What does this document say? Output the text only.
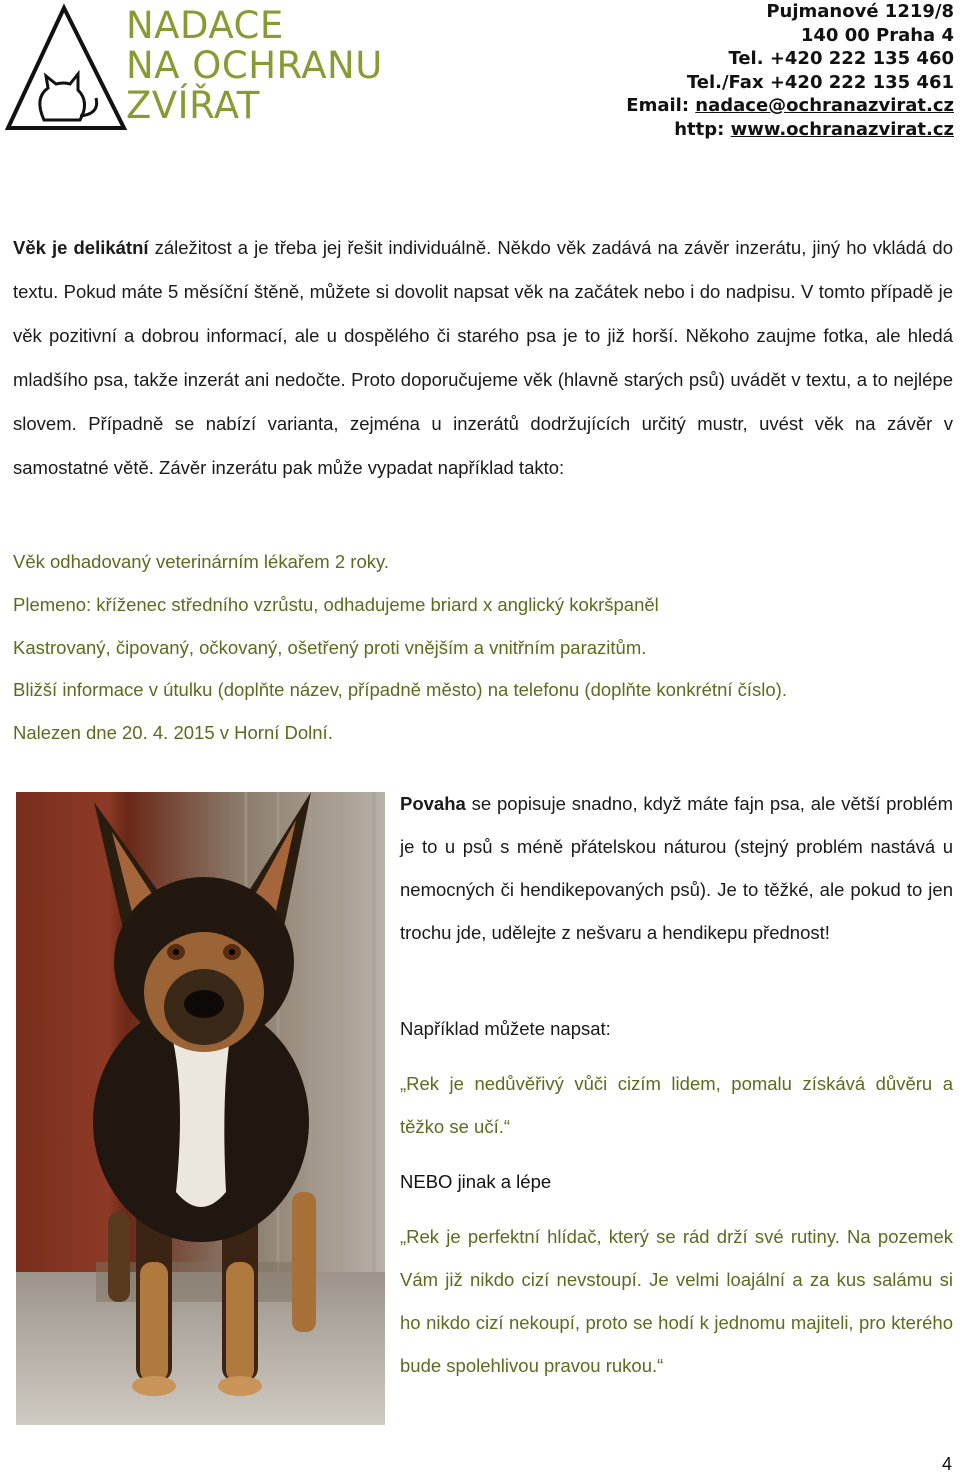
NADACE
NA OCHRANU
ZVÍŘAT
Pujmanové 1219/8
140 00 Praha 4
Tel. +420 222 135 460
Tel./Fax +420 222 135 461
Email: nadace@ochranazvirat.cz
http: www.ochranazvirat.cz
Věk je delikátní záležitost a je třeba jej řešit individuálně. Někdo věk zadává na závěr inzerátu, jiný ho vkládá do textu. Pokud máte 5 měsíční štěně, můžete si dovolit napsat věk na začátek nebo i do nadpisu. V tomto případě je věk pozitivní a dobrou informací, ale u dospělého či starého psa je to již horší. Někoho zaujme fotka, ale hledá mladšího psa, takže inzerát ani nedočte. Proto doporučujeme věk (hlavně starých psů) uvádět v textu, a to nejlépe slovem. Případně se nabízí varianta, zejména u inzerátů dodržujících určitý mustr, uvést věk na závěr v samostatné větě. Závěr inzerátu pak může vypadat například takto:
Věk odhadovaný veterinárním lékařem 2 roky.
Plemeno: kříženec středního vzrůstu, odhadujeme briard x anglický kokršpaněl
Kastrovaný, čipovaný, očkovaný, ošetřený proti vnějším a vnitřním parazitům.
Bližší informace v útulku (doplňte název, případně město) na telefonu (doplňte konkrétní číslo).
Nalezen dne 20. 4. 2015 v Horní Dolní.
Povaha se popisuje snadno, když máte fajn psa, ale větší problém je to u psů s méně přátelskou náturou (stejný problém nastává u nemocných či hendikepovaných psů). Je to těžké, ale pokud to jen trochu jde, udělejte z nešvaru a hendikepu přednost!
Například můžete napsat:
„Rek je nedůvěřivý vůči cizím lidem, pomalu získává důvěru a těžko se učí.“
NEBO jinak a lépe
„Rek je perfektní hlídač, který se rád drží své rutiny. Na pozemek Vám již nikdo cizí nevstoupí. Je velmi loajální a za kus salámu si ho nikdo cizí nekoupí, proto se hodí k jednomu majiteli, pro kterého bude spolehlivou pravou rukou.“
4
